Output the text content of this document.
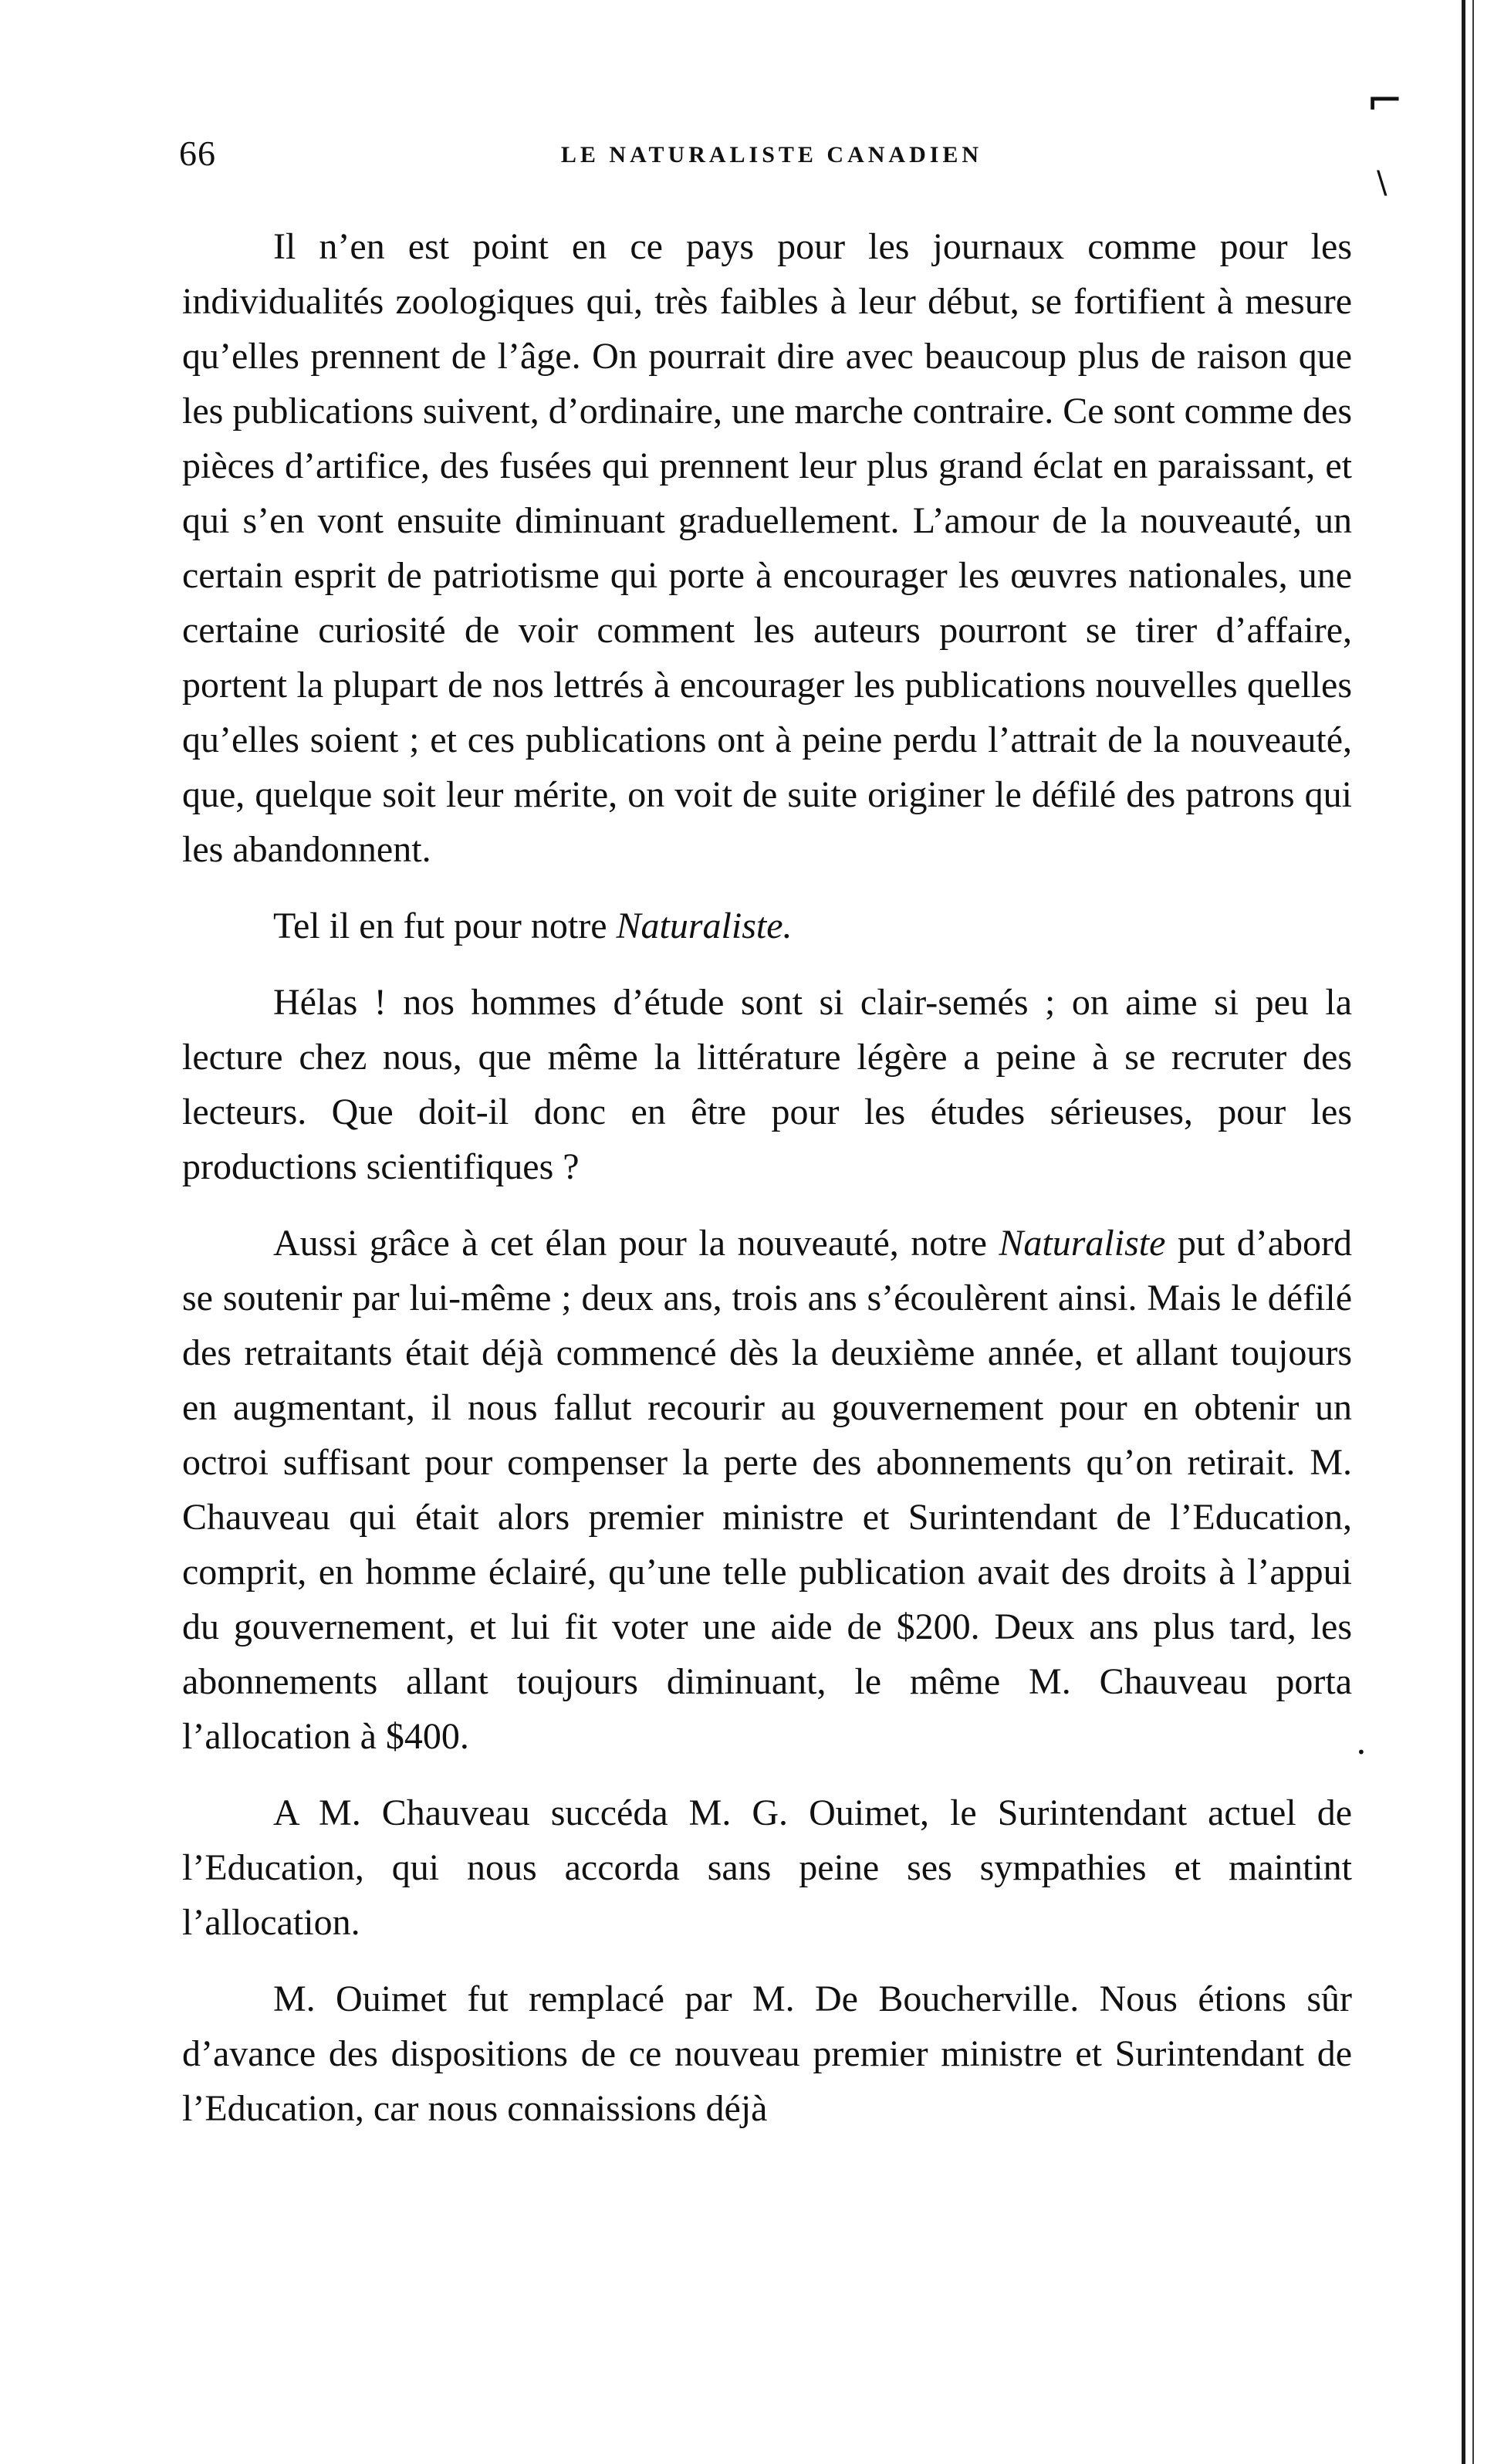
66	LE NATURALISTE CANADIEN

Il n’en est point en ce pays pour les journaux comme pour les individualités zoologiques qui, très faibles à leur début, se fortifient à mesure qu’elles prennent de l’âge. On pourrait dire avec beaucoup plus de raison que les publications suivent, d’ordinaire, une marche contraire. Ce sont comme des pièces d’artifice, des fusées qui prennent leur plus grand éclat en paraissant, et qui s’en vont ensuite diminuant graduellement. L’amour de la nouveauté, un certain esprit de patriotisme qui porte à encourager les œuvres nationales, une certaine curiosité de voir comment les auteurs pourront se tirer d’affaire, portent la plupart de nos lettrés à encourager les publications nouvelles quelles qu’elles soient ; et ces publications ont à peine perdu l’attrait de la nouveauté, que, quelque soit leur mérite, on voit de suite originer le défilé des patrons qui les abandonnent.

Tel il en fut pour notre Naturaliste.

Hélas ! nos hommes d’étude sont si clair-semés ; on aime si peu la lecture chez nous, que même la littérature légère a peine à se recruter des lecteurs. Que doit-il donc en être pour les études sérieuses, pour les productions scientifiques ?

Aussi grâce à cet élan pour la nouveauté, notre Naturaliste put d’abord se soutenir par lui-même ; deux ans, trois ans s’écoulèrent ainsi. Mais le défilé des retraitants était déjà commencé dès la deuxième année, et allant toujours en augmentant, il nous fallut recourir au gouvernement pour en obtenir un octroi suffisant pour compenser la perte des abonnements qu’on retirait. M. Chauveau qui était alors premier ministre et Surintendant de l’Education, comprit, en homme éclairé, qu’une telle publication avait des droits à l’appui du gouvernement, et lui fit voter une aide de $200. Deux ans plus tard, les abonnements allant toujours diminuant, le même M. Chauveau porta l’allocation à $400.

A M. Chauveau succéda M. G. Ouimet, le Surintendant actuel de l’Education, qui nous accorda sans peine ses sympathies et maintint l’allocation.

M. Ouimet fut remplacé par M. De Boucherville. Nous étions sûr d’avance des dispositions de ce nouveau premier ministre et Surintendant de l’Education, car nous connaissions déjà

⌐
\
•
